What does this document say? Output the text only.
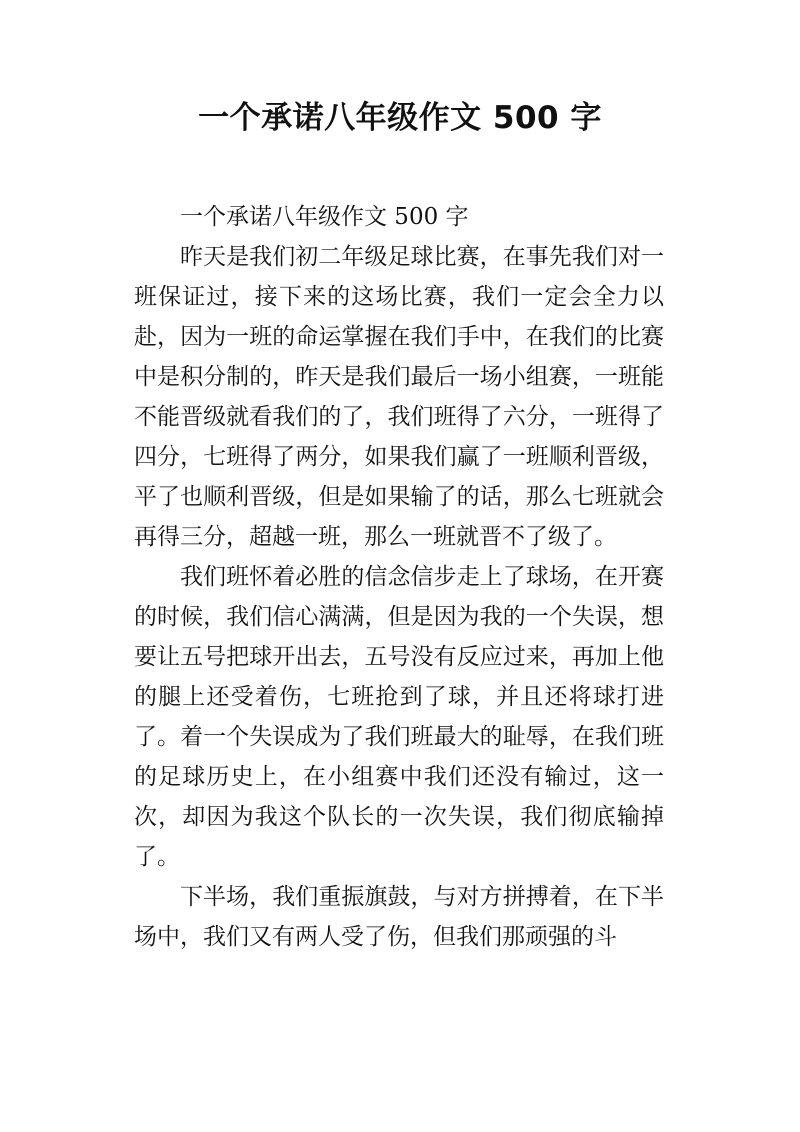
一个承诺八年级作文 500 字

一个承诺八年级作文 500 字

昨天是我们初二年级足球比赛，在事先我们对一班保证过，接下来的这场比赛，我们一定会全力以赴，因为一班的命运掌握在我们手中，在我们的比赛中是积分制的，昨天是我们最后一场小组赛，一班能不能晋级就看我们的了，我们班得了六分，一班得了四分，七班得了两分，如果我们赢了一班顺利晋级，平了也顺利晋级，但是如果输了的话，那么七班就会再得三分，超越一班，那么一班就晋不了级了。

我们班怀着必胜的信念信步走上了球场，在开赛的时候，我们信心满满，但是因为我的一个失误，想要让五号把球开出去，五号没有反应过来，再加上他的腿上还受着伤，七班抢到了球，并且还将球打进了。着一个失误成为了我们班最大的耻辱，在我们班的足球历史上，在小组赛中我们还没有输过，这一次，却因为我这个队长的一次失误，我们彻底输掉了。

下半场，我们重振旗鼓，与对方拼搏着，在下半场中，我们又有两人受了伤，但我们那顽强的斗
